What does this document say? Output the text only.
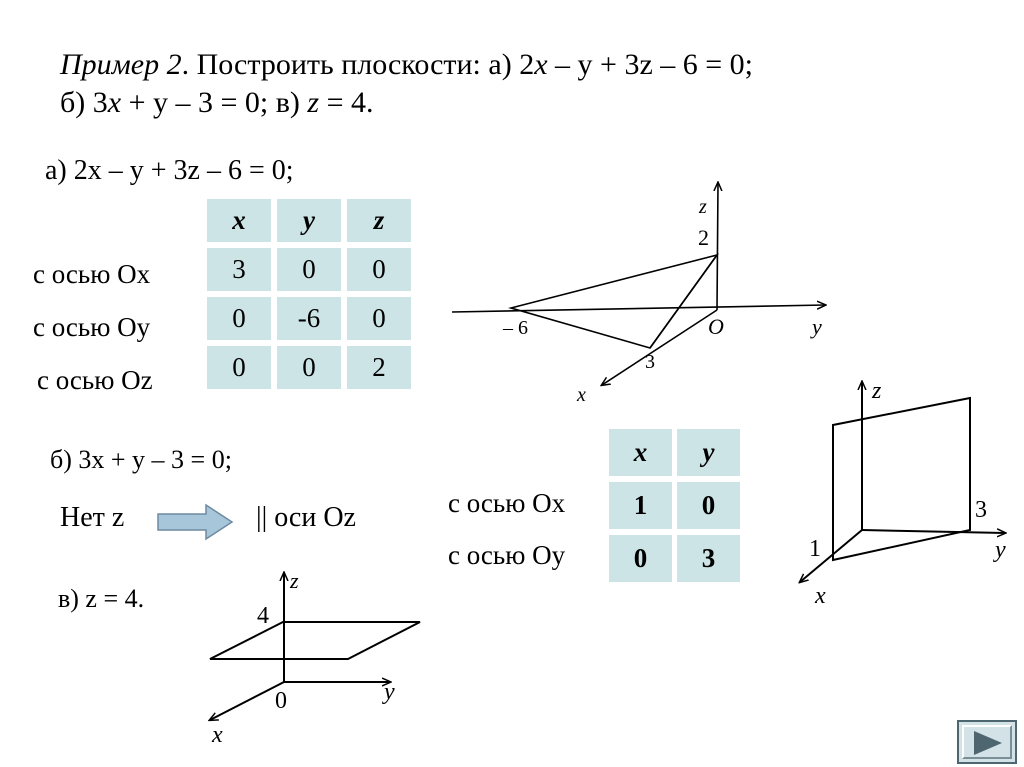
Пример 2. Построить плоскости: а) 2x – y + 3z – 6 = 0;
б) 3x + y – 3 = 0; в) z = 4.
а) 2x – y + 3z – 6 = 0;
x	y	z
3	0	0
0	-6	0
0	0	2
с осью Ox
с осью Oy
с осью Oz
z
2
y
O
– 6
3
x
б) 3x + y – 3 = 0;
Нет z	|| оси Oz
x	y
1	0
0	3
с осью Ox
с осью Oy
z
3
y
1
x
в) z = 4.
z
4
0	y
x
